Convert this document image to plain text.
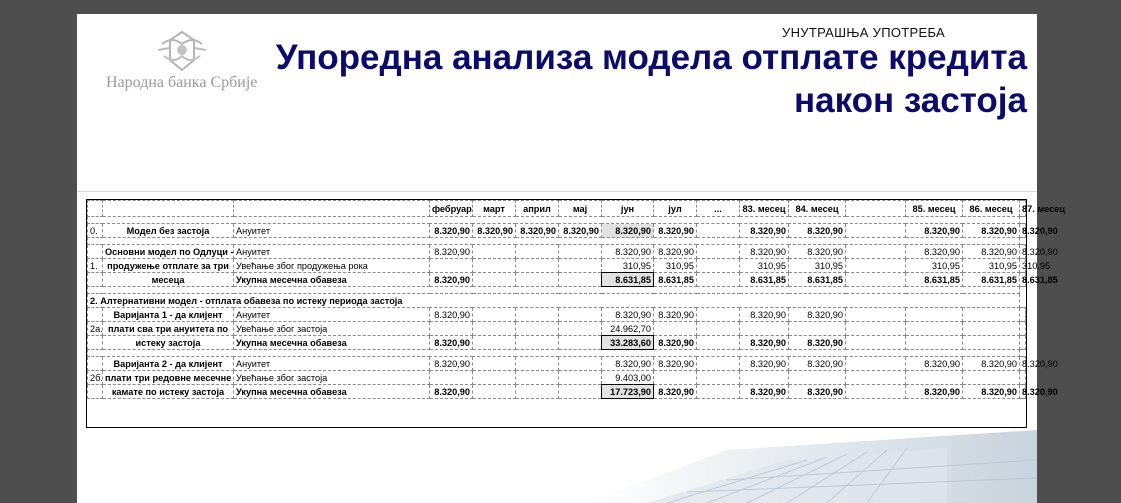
Народна банка Србије
УНУТРАШЊА УПОТРЕБА
Упоредна анализа модела отплате кредита
након застоја
			фебруар	март	април	мај	јун	јул	...	83. месец	84. месец		85. месец	86. месец	87. месец

0.	Модел без застоја	Ануитет	8.320,90	8.320,90	8.320,90	8.320,90	8.320,90	8.320,90		8.320,90	8.320,90		8.320,90	8.320,90	8.320,90

	Основни модел по Одлуци -	Ануитет	8.320,90				8.320,90	8.320,90		8.320,90	8.320,90		8.320,90	8.320,90	8.320,90
1.	продужење отплате за три	Увећање због продужења рока					310,95	310,95		310,95	310,95		310,95	310,95	310,95
	месеца	Укупна месечна обавеза	8.320,90				8.631,85	8.631,85		8.631,85	8.631,85		8.631,85	8.631,85	8.631,85

2. Алтернативни модел - отплата обавеза по истеку периода застоја															
	Варијанта 1 - да клијент	Ануитет	8.320,90				8.320,90	8.320,90		8.320,90	8.320,90				
2а.	плати сва три ануитета по	Увећање због застоја					24.962,70								
	истеку застоја	Укупна месечна обавеза	8.320,90				33.283,60	8.320,90		8.320,90	8.320,90				

	Варијанта 2 - да клијент	Ануитет	8.320,90				8.320,90	8.320,90		8.320,90	8.320,90		8.320,90	8.320,90	8.320,90
2б.	плати три редовне месечне	Увећање због застоја					9.403,00								
	камате по истеку застоја	Укупна месечна обавеза	8.320,90				17.723,90	8.320,90		8.320,90	8.320,90		8.320,90	8.320,90	8.320,90
